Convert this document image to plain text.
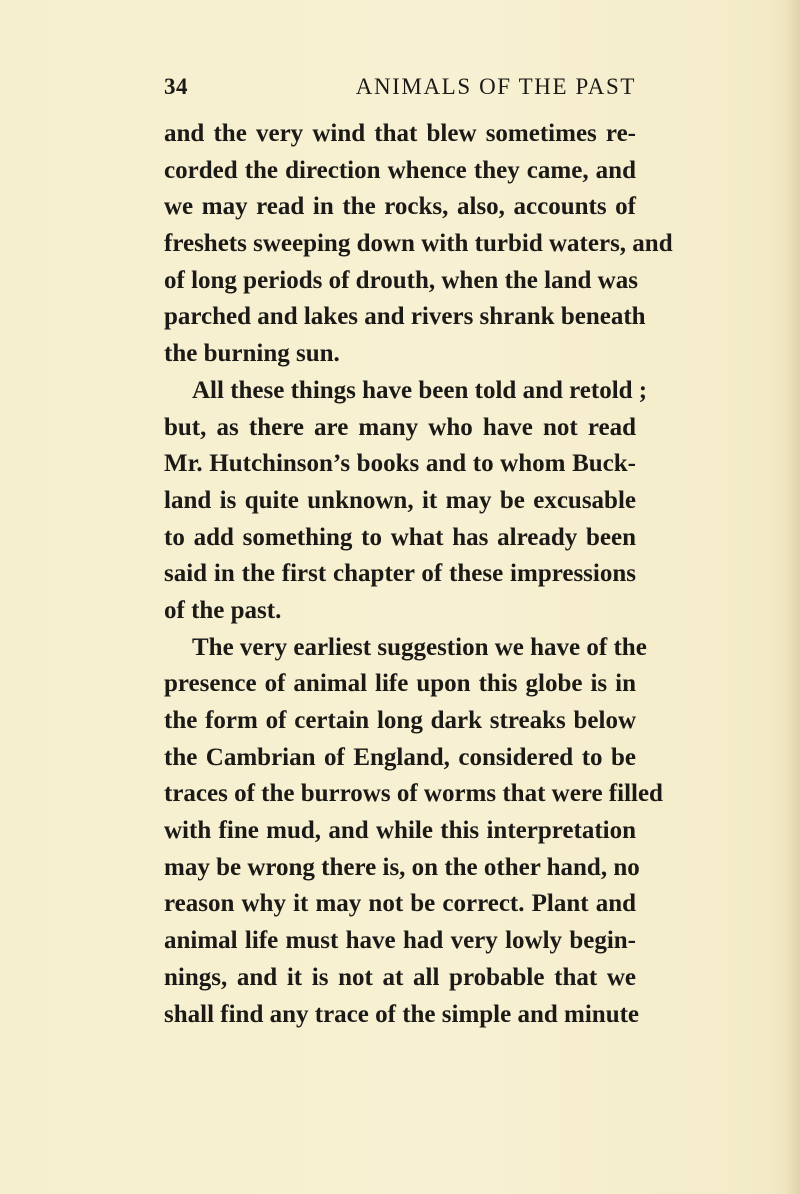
34	ANIMALS OF THE PAST
and the very wind that blew sometimes re-
corded the direction whence they came, and
we may read in the rocks, also, accounts of
freshets sweeping down with turbid waters, and
of long periods of drouth, when the land was
parched and lakes and rivers shrank beneath
the burning sun.
All these things have been told and retold ;
but, as there are many who have not read
Mr. Hutchinson’s books and to whom Buck-
land is quite unknown, it may be excusable
to add something to what has already been
said in the first chapter of these impressions
of the past.
The very earliest suggestion we have of the
presence of animal life upon this globe is in
the form of certain long dark streaks below
the Cambrian of England, considered to be
traces of the burrows of worms that were filled
with fine mud, and while this interpretation
may be wrong there is, on the other hand, no
reason why it may not be correct. Plant and
animal life must have had very lowly begin-
nings, and it is not at all probable that we
shall find any trace of the simple and minute
